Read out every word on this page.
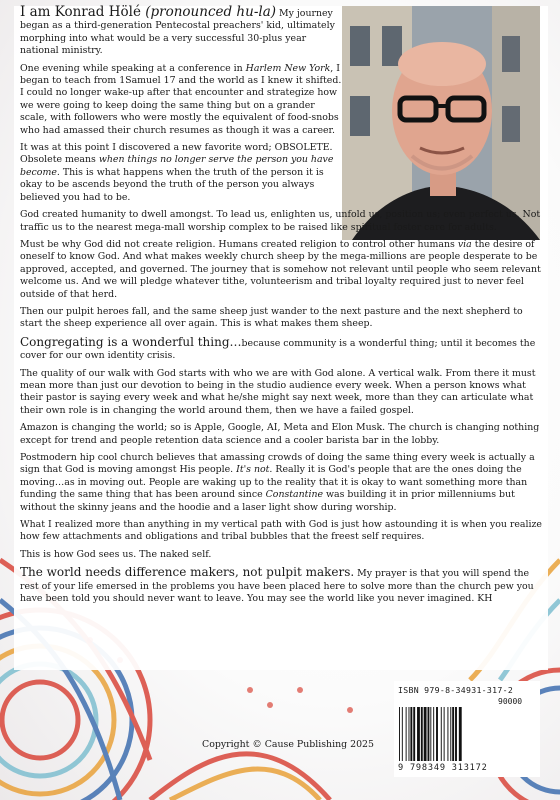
I am Konrad Hölé (pronounced hu-la) My journey began as a third-generation Pentecostal preachers' kid, ultimately morphing into what would be a very successful 30-plus year national ministry.

One evening while speaking at a conference in Harlem New York, I began to teach from 1Samuel 17 and the world as I knew it shifted. I could no longer wake-up after that encounter and strategize how we were going to keep doing the same thing but on a grander scale, with followers who were mostly the equivalent of food-snobs who had amassed their church resumes as though it was a career.

It was at this point I discovered a new favorite word; OBSOLETE. Obsolete means when things no longer serve the person you have become. This is what happens when the truth of the person it is okay to be ascends beyond the truth of the person you always believed you had to be.

God created humanity to dwell amongst. To lead us, enlighten us, unfold us, position us; even perfect us. Not traffic us to the nearest mega-mall worship complex to be raised like spiritual foster care for adults.

Must be why God did not create religion. Humans created religion to control other humans via the desire of oneself to know God. And what makes weekly church sheep by the mega-millions are people desperate to be approved, accepted, and governed. The journey that is somehow not relevant until people who seem relevant welcome us. And we will pledge whatever tithe, volunteerism and tribal loyalty required just to never feel outside of that herd.

Then our pulpit heroes fall, and the same sheep just wander to the next pasture and the next shepherd to start the sheep experience all over again. This is what makes them sheep.

Congregating is a wonderful thing…because community is a wonderful thing; until it becomes the cover for our own identity crisis.

The quality of our walk with God starts with who we are with God alone. A vertical walk. From there it must mean more than just our devotion to being in the studio audience every week. When a person knows what their pastor is saying every week and what he/she might say next week, more than they can articulate what their own role is in changing the world around them, then we have a failed gospel.

Amazon is changing the world; so is Apple, Google, AI, Meta and Elon Musk. The church is changing nothing except for trend and people retention data science and a cooler barista bar in the lobby.

Postmodern hip cool church believes that amassing crowds of doing the same thing every week is actually a sign that God is moving amongst His people. It's not. Really it is God's people that are the ones doing the moving…as in moving out. People are waking up to the reality that it is okay to want something more than funding the same thing that has been around since Constantine was building it in prior millenniums but without the skinny jeans and the hoodie and a laser light show during worship.

What I realized more than anything in my vertical path with God is just how astounding it is when you realize how few attachments and obligations and tribal bubbles that the freest self requires.

This is how God sees us. The naked self.

The world needs difference makers, not pulpit makers. My prayer is that you will spend the rest of your life emersed in the problems you have been placed here to solve more than the church pew you have been told you should never want to leave. You may see the world like you never imagined. KH

ISBN 979-8-34931-317-2
90000
9 798349 313172
Copyright © Cause Publishing 2025
